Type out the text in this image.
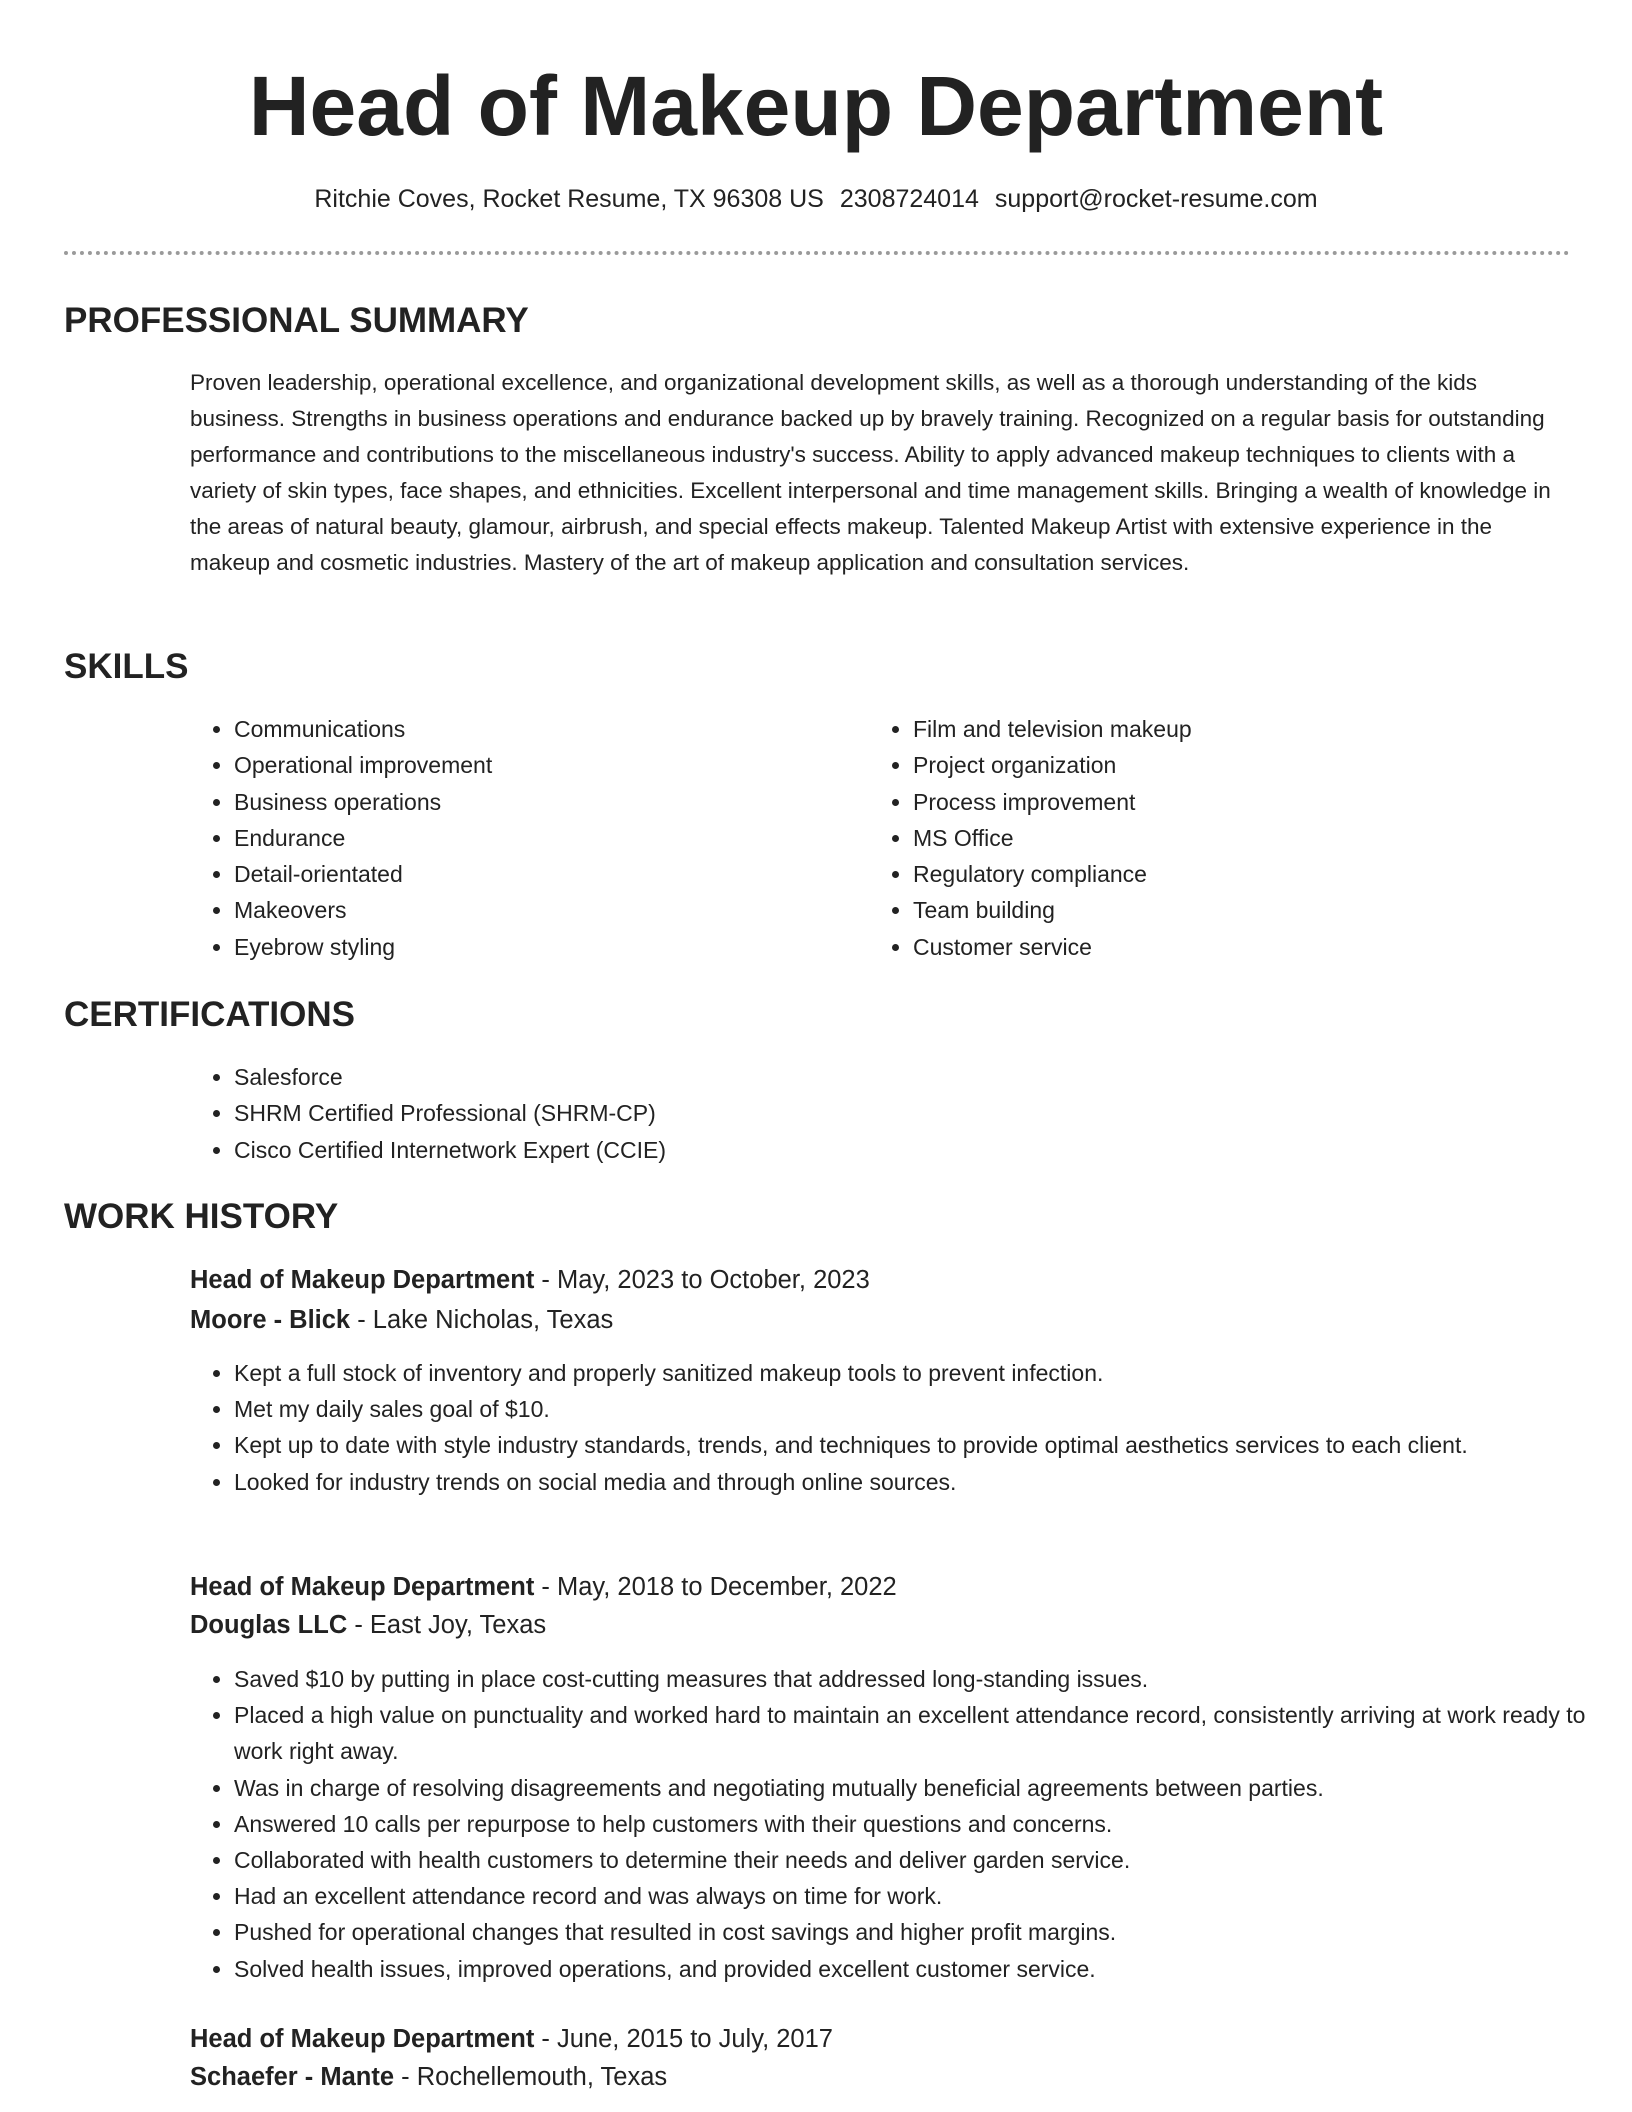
Head of Makeup Department
Ritchie Coves, Rocket Resume, TX 96308 US 2308724014 support@rocket-resume.com
PROFESSIONAL SUMMARY

Proven leadership, operational excellence, and organizational development skills, as well as a thorough understanding of the kids business. Strengths in business operations and endurance backed up by bravely training. Recognized on a regular basis for outstanding performance and contributions to the miscellaneous industry's success. Ability to apply advanced makeup techniques to clients with a variety of skin types, face shapes, and ethnicities. Excellent interpersonal and time management skills. Bringing a wealth of knowledge in the areas of natural beauty, glamour, airbrush, and special effects makeup. Talented Makeup Artist with extensive experience in the makeup and cosmetic industries. Mastery of the art of makeup application and consultation services.

SKILLS
• Communications
• Operational improvement
• Business operations
• Endurance
• Detail-orientated
• Makeovers
• Eyebrow styling
• Film and television makeup
• Project organization
• Process improvement
• MS Office
• Regulatory compliance
• Team building
• Customer service
CERTIFICATIONS
• Salesforce
• SHRM Certified Professional (SHRM-CP)
• Cisco Certified Internetwork Expert (CCIE)
WORK HISTORY
Head of Makeup Department - May, 2023 to October, 2023
Moore - Blick - Lake Nicholas, Texas
• Kept a full stock of inventory and properly sanitized makeup tools to prevent infection.
• Met my daily sales goal of $10.
• Kept up to date with style industry standards, trends, and techniques to provide optimal aesthetics services to each client.
• Looked for industry trends on social media and through online sources.
Head of Makeup Department - May, 2018 to December, 2022
Douglas LLC - East Joy, Texas
• Saved $10 by putting in place cost-cutting measures that addressed long-standing issues.
• Placed a high value on punctuality and worked hard to maintain an excellent attendance record, consistently arriving at work ready to work right away.
• Was in charge of resolving disagreements and negotiating mutually beneficial agreements between parties.
• Answered 10 calls per repurpose to help customers with their questions and concerns.
• Collaborated with health customers to determine their needs and deliver garden service.
• Had an excellent attendance record and was always on time for work.
• Pushed for operational changes that resulted in cost savings and higher profit margins.
• Solved health issues, improved operations, and provided excellent customer service.
Head of Makeup Department - June, 2015 to July, 2017
Schaefer - Mante - Rochellemouth, Texas
